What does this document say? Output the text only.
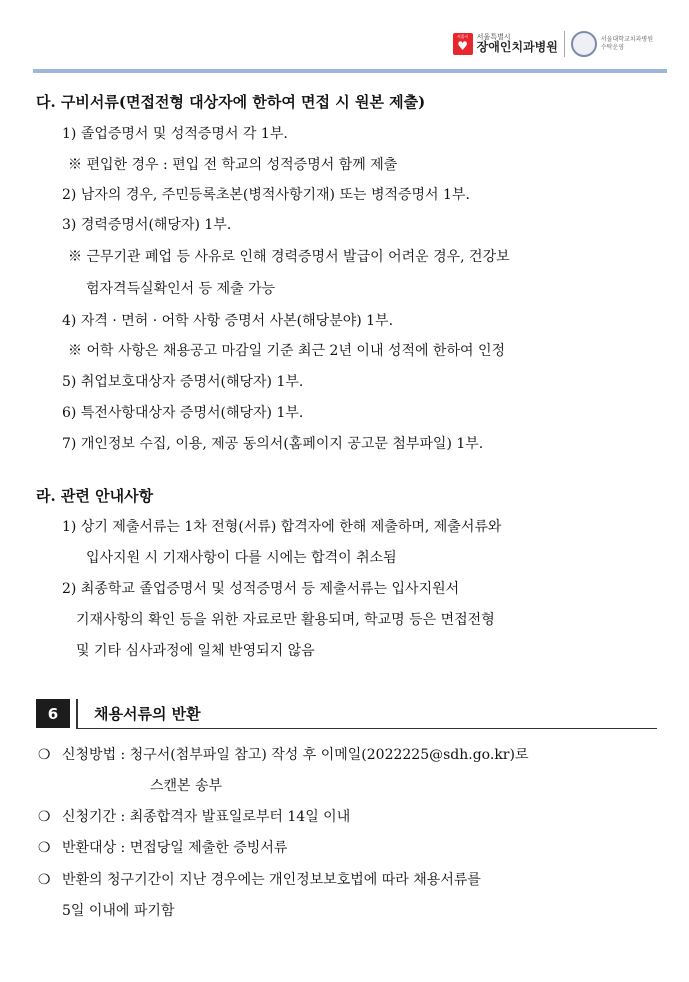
서울시
♥
서울특별시
장애인치과병원
서울대학교치과병원
수탁운영
다. 구비서류(면접전형 대상자에 한하여 면접 시 원본 제출)
1) 졸업증명서 및 성적증명서 각 1부.
※ 편입한 경우 : 편입 전 학교의 성적증명서 함께 제출
2) 남자의 경우, 주민등록초본(병적사항기재) 또는 병적증명서 1부.
3) 경력증명서(해당자) 1부.
※ 근무기관 폐업 등 사유로 인해 경력증명서 발급이 어려운 경우, 건강보
험자격득실확인서 등 제출 가능
4) 자격 · 면허 · 어학 사항 증명서 사본(해당분야) 1부.
※ 어학 사항은 채용공고 마감일 기준 최근 2년 이내 성적에 한하여 인정
5) 취업보호대상자 증명서(해당자) 1부.
6) 특전사항대상자 증명서(해당자) 1부.
7) 개인정보 수집, 이용, 제공 동의서(홈페이지 공고문 첨부파일) 1부.
라. 관련 안내사항
1) 상기 제출서류는 1차 전형(서류) 합격자에 한해 제출하며, 제출서류와
입사지원 시 기재사항이 다를 시에는 합격이 취소됨
2) 최종학교 졸업증명서 및 성적증명서 등 제출서류는 입사지원서
기재사항의 확인 등을 위한 자료로만 활용되며, 학교명 등은 면접전형
및 기타 심사과정에 일체 반영되지 않음
6	채용서류의 반환
❍ 신청방법 : 청구서(첨부파일 참고) 작성 후 이메일(2022225@sdh.go.kr)로
스캔본 송부
❍ 신청기간 : 최종합격자 발표일로부터 14일 이내
❍ 반환대상 : 면접당일 제출한 증빙서류
❍ 반환의 청구기간이 지난 경우에는 개인정보보호법에 따라 채용서류를
5일 이내에 파기함
